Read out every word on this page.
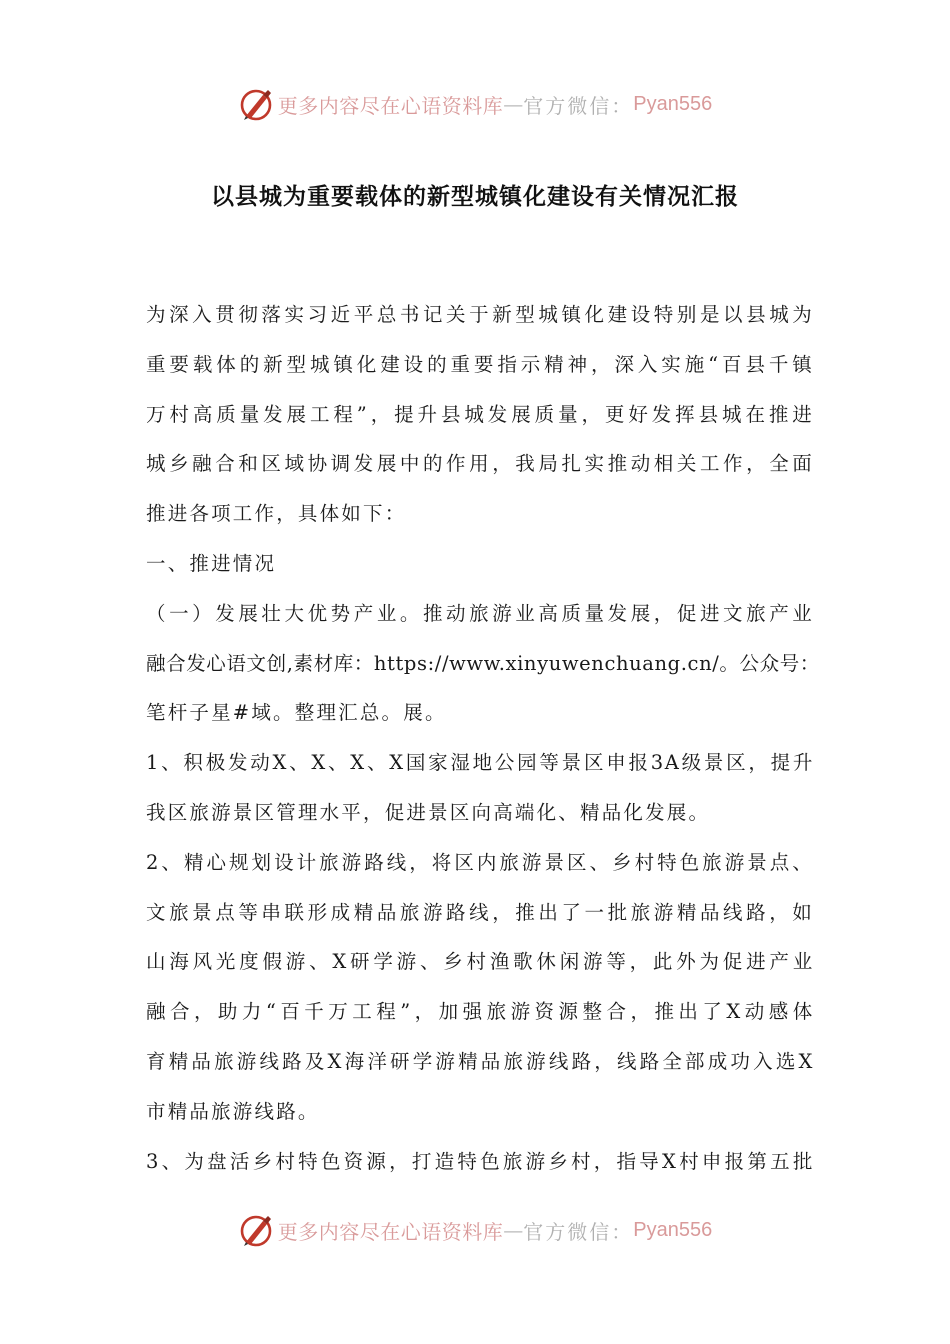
更多内容尽在心语资料库 — 官方微信： Pyan556
以县城为重要载体的新型城镇化建设有关情况汇报
为深入贯彻落实习近平总书记关于新型城镇化建设特别是以县城为
重要载体的新型城镇化建设的重要指示精神，深入实施“百县千镇
万村高质量发展工程”，提升县城发展质量，更好发挥县城在推进
城乡融合和区域协调发展中的作用，我局扎实推动相关工作，全面
推进各项工作，具体如下：
一、推进情况
（一）发展壮大优势产业。推动旅游业高质量发展，促进文旅产业
融合发心语文创,素材库：https://www.xinyuwenchuang.cn/。公众号：
笔杆子星#域。整理汇总。展。
1、积极发动X、X、X、X国家湿地公园等景区申报3A级景区，提升
我区旅游景区管理水平，促进景区向高端化、精品化发展。
2、精心规划设计旅游路线，将区内旅游景区、乡村特色旅游景点、
文旅景点等串联形成精品旅游路线，推出了一批旅游精品线路，如
山海风光度假游、X研学游、乡村渔歌休闲游等，此外为促进产业
融合，助力“百千万工程”，加强旅游资源整合，推出了X动感体
育精品旅游线路及X海洋研学游精品旅游线路，线路全部成功入选X
市精品旅游线路。
3、为盘活乡村特色资源，打造特色旅游乡村，指导X村申报第五批
更多内容尽在心语资料库 — 官方微信： Pyan556
